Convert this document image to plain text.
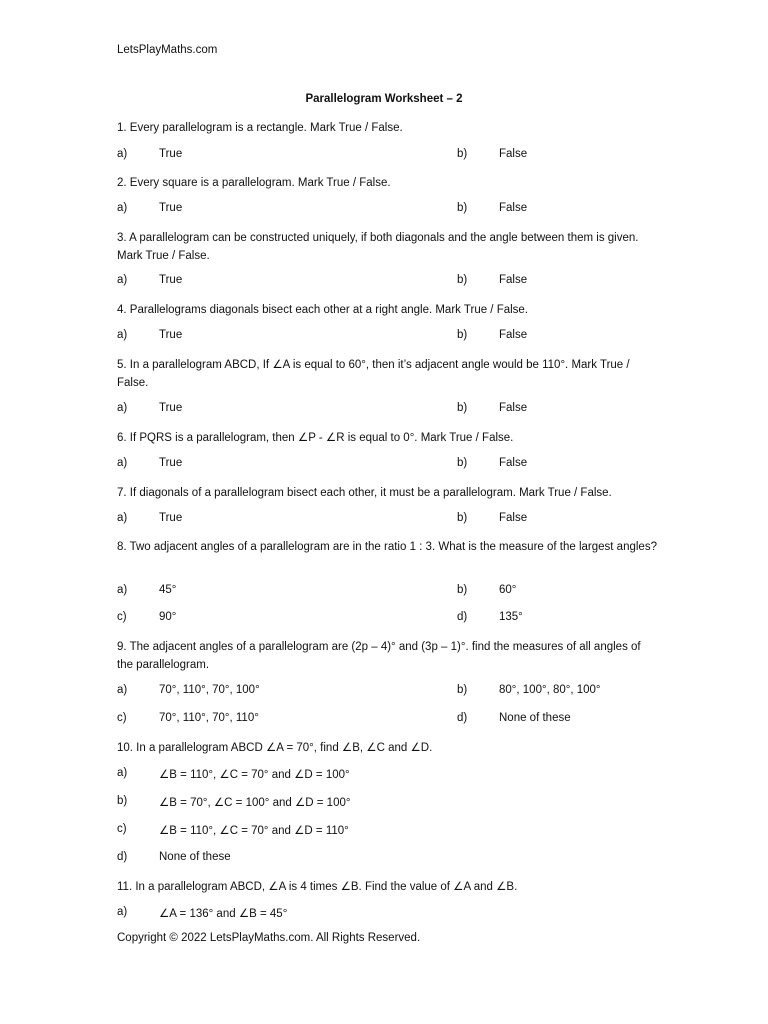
LetsPlayMaths.com
Parallelogram Worksheet – 2
1. Every parallelogram is a rectangle. Mark True / False.
a)	True	b)	False
2. Every square is a parallelogram. Mark True / False.
a)	True	b)	False
3. A parallelogram can be constructed uniquely, if both diagonals and the angle between them is given. Mark True / False.
a)	True	b)	False
4. Parallelograms diagonals bisect each other at a right angle. Mark True / False.
a)	True	b)	False
5. In a parallelogram ABCD, If ∠A is equal to 60°, then it’s adjacent angle would be 110°. Mark True / False.
a)	True	b)	False
6. If PQRS is a parallelogram, then ∠P - ∠R is equal to 0°. Mark True / False.
a)	True	b)	False
7. If diagonals of a parallelogram bisect each other, it must be a parallelogram. Mark True / False.
a)	True	b)	False
8. Two adjacent angles of a parallelogram are in the ratio 1 : 3. What is the measure of the largest angles?
a)	45°	b)	60°
c)	90°	d)	135°
9. The adjacent angles of a parallelogram are (2p – 4)° and (3p – 1)°. find the measures of all angles of the parallelogram.
a)	70°, 110°, 70°, 100°	b)	80°, 100°, 80°, 100°
c)	70°, 110°, 70°, 110°	d)	None of these
10. In a parallelogram ABCD ∠A = 70°, find ∠B, ∠C and ∠D.
a)	∠B = 110°, ∠C = 70° and ∠D = 100°
b)	∠B = 70°, ∠C = 100° and ∠D = 100°
c)	∠B = 110°, ∠C = 70° and ∠D = 110°
d)	None of these
11. In a parallelogram ABCD, ∠A is 4 times ∠B. Find the value of ∠A and ∠B.
a)	∠A = 136° and ∠B = 45°
Copyright © 2022 LetsPlayMaths.com. All Rights Reserved.
